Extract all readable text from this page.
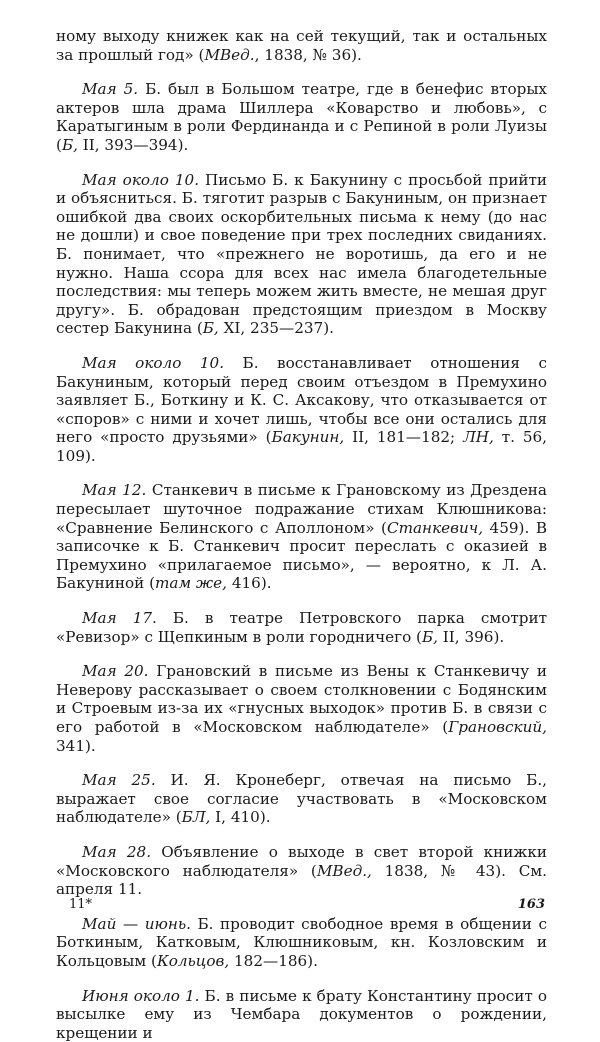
ному выходу книжек как на сей текущий, так и остальных за прошлый год» (МВед., 1838, № 36).

Мая 5. Б. был в Большом театре, где в бенефис вторых актеров шла драма Шиллера «Коварство и любовь», с Каратыгиным в роли Фердинанда и с Репиной в роли Луизы (Б, II, 393—394).

Мая около 10. Письмо Б. к Бакунину с просьбой прийти и объясниться. Б. тяготит разрыв с Бакуниным, он признает ошибкой два своих оскорбительных письма к нему (до нас не дошли) и свое поведение при трех последних свиданиях. Б. понимает, что «прежнего не воротишь, да его и не нужно. Наша ссора для всех нас имела благодетельные последствия: мы теперь можем жить вместе, не мешая друг другу». Б. обрадован предстоящим приездом в Москву сестер Бакунина (Б, XI, 235—237).

Мая около 10. Б. восстанавливает отношения с Бакуниным, который перед своим отъездом в Премухино заявляет Б., Боткину и К. С. Аксакову, что отказывается от «споров» с ними и хочет лишь, чтобы все они остались для него «просто друзьями» (Бакунин, II, 181—182; ЛН, т. 56, 109).

Мая 12. Станкевич в письме к Грановскому из Дрездена пересылает шуточное подражание стихам Клюшникова: «Сравнение Белинского с Аполлоном» (Станкевич, 459). В записочке к Б. Станкевич просит переслать с оказией в Премухино «прилагаемое письмо», — вероятно, к Л. А. Бакуниной (там же, 416).

Мая 17. Б. в театре Петровского парка смотрит «Ревизор» с Щепкиным в роли городничего (Б, II, 396).

Мая 20. Грановский в письме из Вены к Станкевичу и Неверову рассказывает о своем столкновении с Бодянским и Строевым из-за их «гнусных выходок» против Б. в связи с его работой в «Московском наблюдателе» (Грановский, 341).

Мая 25. И. Я. Кронеберг, отвечая на письмо Б., выражает свое согласие участвовать в «Московском наблюдателе» (БЛ, I, 410).

Мая 28. Объявление о выходе в свет второй книжки «Московского наблюдателя» (МВед., 1838, № 43). См. апреля 11.

Май — июнь. Б. проводит свободное время в общении с Боткиным, Катковым, Клюшниковым, кн. Козловским и Кольцовым (Кольцов, 182—186).

Июня около 1. Б. в письме к брату Константину просит о высылке ему из Чембара документов о рождении, крещении и

11*	163
